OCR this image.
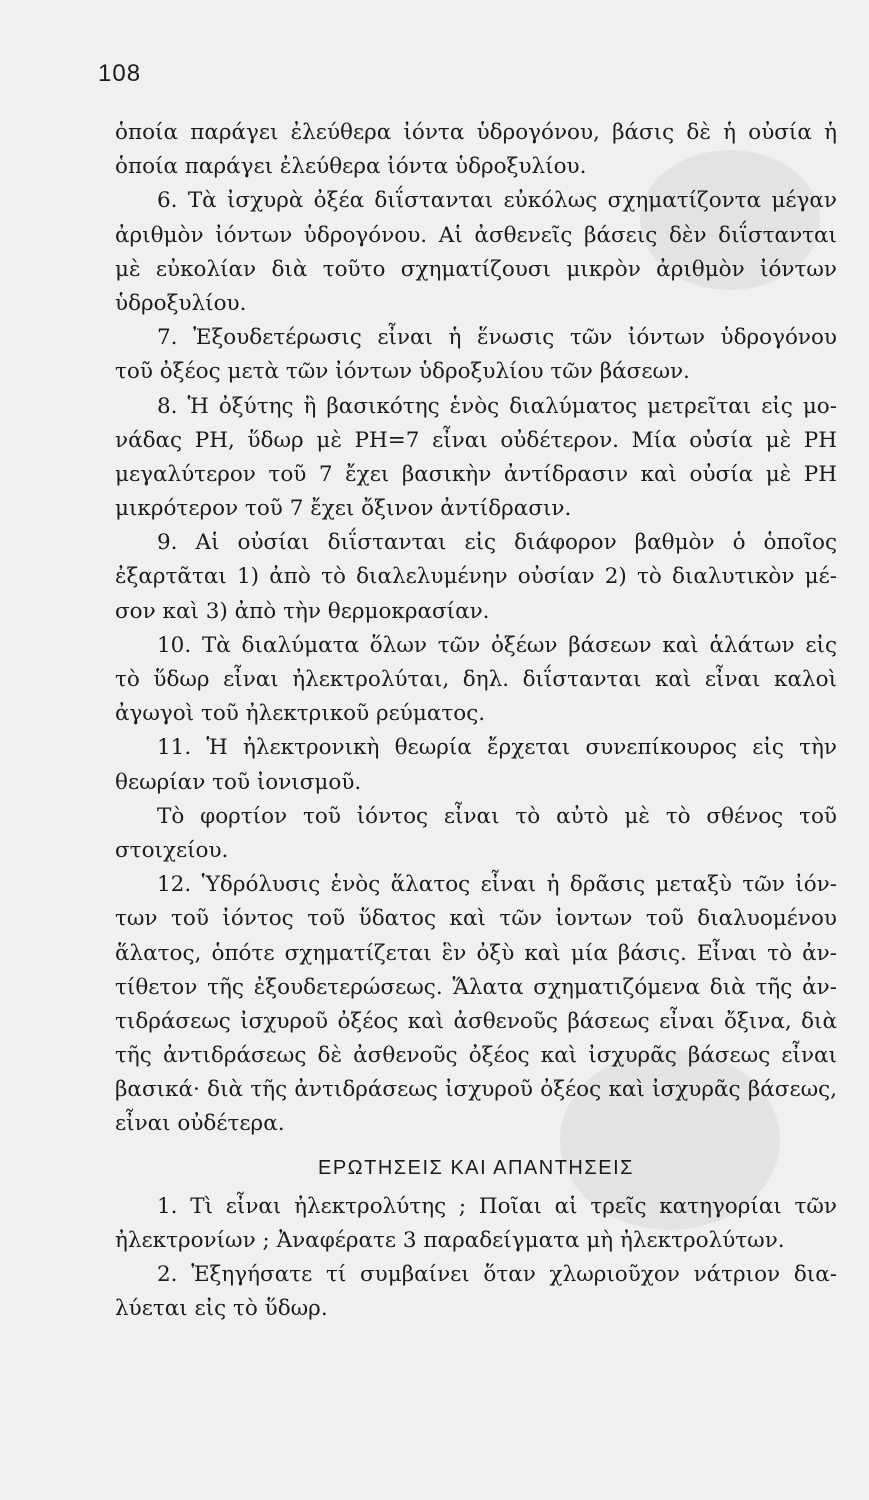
108
ὁποία παράγει ἐλεύθερα ἰόντα ὑδρογόνου, βάσις δὲ ἡ οὐσία ἡ
ὁποία παράγει ἐλεύθερα ἰόντα ὑδροξυλίου.
6. Τὰ ἰσχυρὰ ὀξέα διΐστανται εὐκόλως σχηματίζοντα μέγαν
ἀριθμὸν ἰόντων ὑδρογόνου. Αἱ ἀσθενεῖς βάσεις δὲν διΐστανται
μὲ εὐκολίαν διὰ τοῦτο σχηματίζουσι μικρὸν ἀριθμὸν ἰόντων
ὑδροξυλίου.
7. Ἐξουδετέρωσις εἶναι ἡ ἕνωσις τῶν ἰόντων ὑδρογόνου
τοῦ ὀξέος μετὰ τῶν ἰόντων ὑδροξυλίου τῶν βάσεων.
8. Ἡ ὀξύτης ἢ βασικότης ἑνὸς διαλύματος μετρεῖται εἰς μο-
νάδας PH, ὕδωρ μὲ PH=7 εἶναι οὐδέτερον. Μία οὐσία μὲ PH
μεγαλύτερον τοῦ 7 ἔχει βασικὴν ἀντίδρασιν καὶ οὐσία μὲ PH
μικρότερον τοῦ 7 ἔχει ὄξινον ἀντίδρασιν.
9. Αἱ οὐσίαι διΐστανται εἰς διάφορον βαθμὸν ὁ ὁποῖος
ἐξαρτᾶται 1) ἀπὸ τὸ διαλελυμένην οὐσίαν 2) τὸ διαλυτικὸν μέ-
σον καὶ 3) ἀπὸ τὴν θερμοκρασίαν.
10. Τὰ διαλύματα ὅλων τῶν ὀξέων βάσεων καὶ ἁλάτων εἰς
τὸ ὕδωρ εἶναι ἠλεκτρολύται, δηλ. διΐστανται καὶ εἶναι καλοὶ
ἀγωγοὶ τοῦ ἠλεκτρικοῦ ρεύματος.
11. Ἡ ἠλεκτρονικὴ θεωρία ἔρχεται συνεπίκουρος εἰς τὴν
θεωρίαν τοῦ ἰονισμοῦ.
Τὸ φορτίον τοῦ ἰόντος εἶναι τὸ αὐτὸ μὲ τὸ σθένος τοῦ
στοιχείου.
12. Ὑδρόλυσις ἑνὸς ἅλατος εἶναι ἡ δρᾶσις μεταξὺ τῶν ἰόν-
των τοῦ ἰόντος τοῦ ὕδατος καὶ τῶν ἰοντων τοῦ διαλυομένου
ἅλατος, ὁπότε σχηματίζεται ἓν ὀξὺ καὶ μία βάσις. Εἶναι τὸ ἀν-
τίθετον τῆς ἐξουδετερώσεως. Ἅλατα σχηματιζόμενα διὰ τῆς ἀν-
τιδράσεως ἰσχυροῦ ὀξέος καὶ ἀσθενοῦς βάσεως εἶναι ὄξινα, διὰ
τῆς ἀντιδράσεως δὲ ἀσθενοῦς ὀξέος καὶ ἰσχυρᾶς βάσεως εἶναι
βασικά· διὰ τῆς ἀντιδράσεως ἰσχυροῦ ὀξέος καὶ ἰσχυρᾶς βάσεως,
εἶναι οὐδέτερα.
ΕΡΩΤΗΣΕΙΣ ΚΑΙ ΑΠΑΝΤΗΣΕΙΣ
1. Τὶ εἶναι ἠλεκτρολύτης ; Ποῖαι αἱ τρεῖς κατηγορίαι τῶν
ἠλεκτρονίων ; Ἀναφέρατε 3 παραδείγματα μὴ ἠλεκτρολύτων.
2. Ἐξηγήσατε τί συμβαίνει ὅταν χλωριοῦχον νάτριον δια-
λύεται εἰς τὸ ὕδωρ.
